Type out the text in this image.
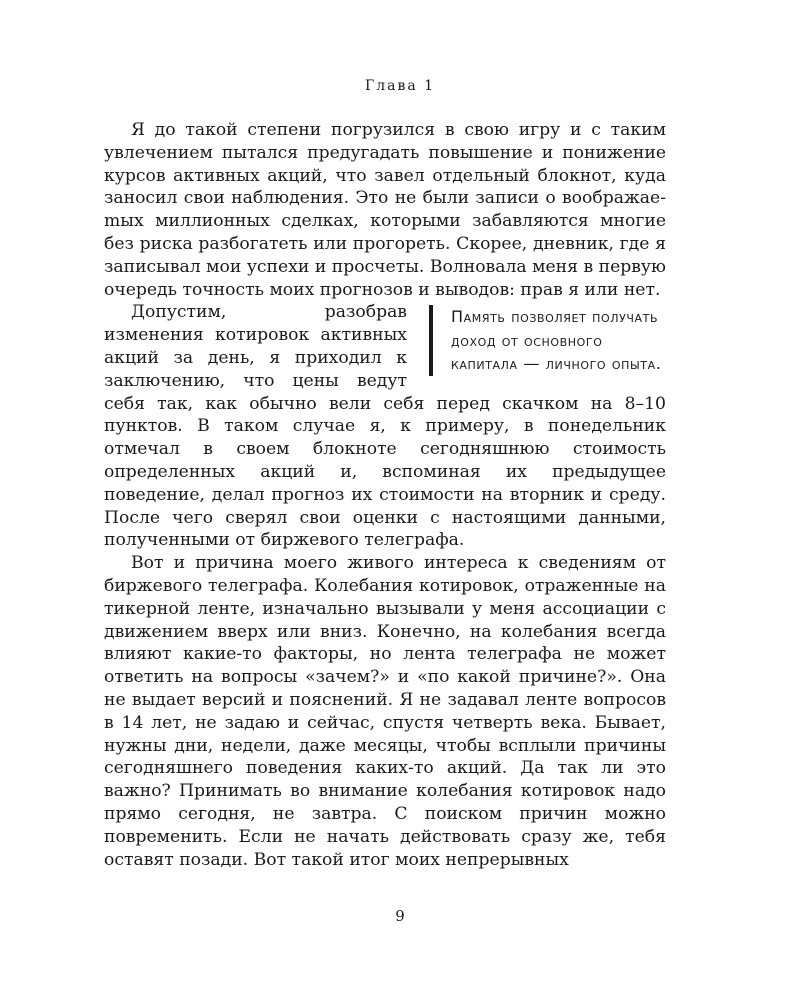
Глава 1

Я до такой степени погрузился в свою игру и с таким увлечением пытался предугадать повышение и понижение курсов активных акций, что завел отдельный блокнот, куда заносил свои наблюдения. Это не были записи о воображаеmых миллионных сделках, которыми забавляются многие без риска разбогатеть или прогореть. Скорее, дневник, где я записывал мои успехи и просчеты. Волновала меня в первую очередь точность моих прогнозов и выводов: прав я или нет.

Память позволяет получать доход от основного капитала — личного опыта.
Допустим, разобрав изменения котировок активных акций за день, я приходил к заключению, что цены ведут себя так, как обычно вели себя перед скачком на 8–10 пунктов. В таком случае я, к примеру, в понедельник отмечал в своем блокноте сегодняшнюю стоимость определенных акций и, вспоминая их предыдущее поведение, делал прогноз их стоимости на вторник и среду. После чего сверял свои оценки с настоящими данными, полученными от биржевого телеграфа.

Вот и причина моего живого интереса к сведениям от биржевого телеграфа. Колебания котировок, отраженные на тикерной ленте, изначально вызывали у меня ассоциации с движением вверх или вниз. Конечно, на колебания всегда влияют какие-то факторы, но лента телеграфа не может ответить на вопросы «зачем?» и «по какой причине?». Она не выдает версий и пояснений. Я не задавал ленте вопросов в 14 лет, не задаю и сейчас, спустя четверть века. Бывает, нужны дни, недели, даже месяцы, чтобы всплыли причины сегодняшнего поведения каких-то акций. Да так ли это важно? Принимать во внимание колебания котировок надо прямо сегодня, не завтра. С поиском причин можно повременить. Если не начать действовать сразу же, тебя оставят позади. Вот такой итог моих непрерывных

9
